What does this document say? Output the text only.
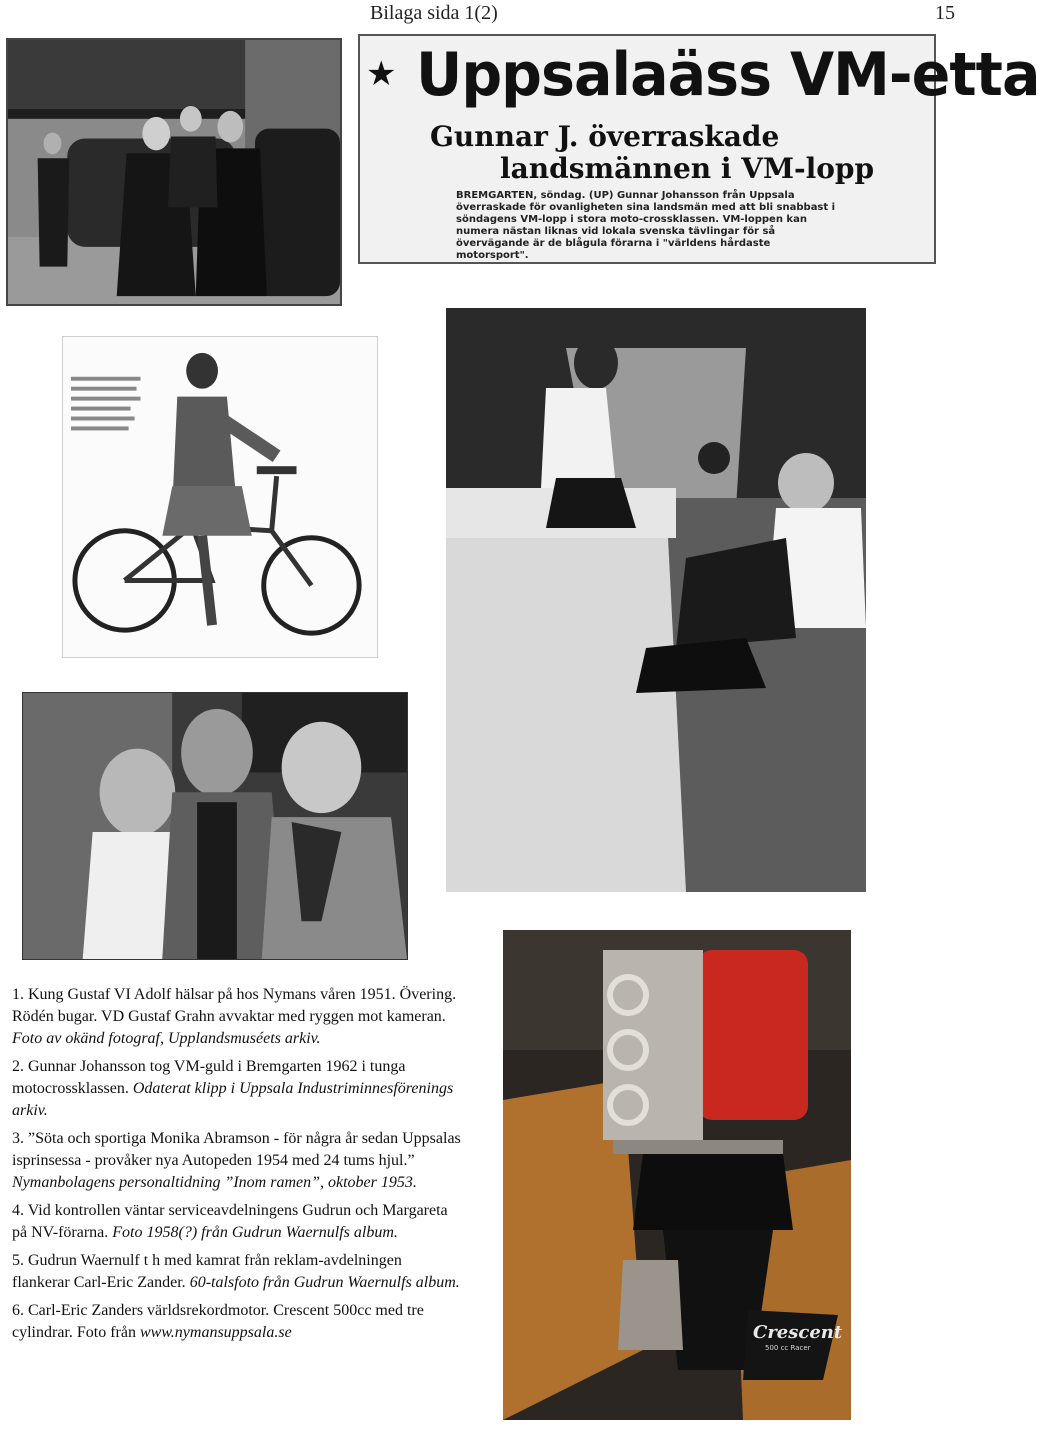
Bilaga sida 1(2)	15
★ Uppsalaäss VM-etta
Gunnar J. överraskade
landsmännen i VM-lopp
BREMGARTEN, söndag. (UP) Gunnar Johansson från Uppsala överraskade för ovanligheten sina landsmän med att bli snabbast i söndagens VM-lopp i stora moto-crossklassen. VM-loppen kan numera nästan liknas vid lokala svenska tävlingar för så övervägande är de blågula förarna i "världens hårdaste motorsport".
Crescent
500 cc Racer

1. Kung Gustaf VI Adolf hälsar på hos Nymans våren 1951. Övering. Rödén bugar. VD Gustaf Grahn avvaktar med ryggen mot kameran. Foto av okänd fotograf, Upplandsmuséets arkiv.

2. Gunnar Johansson tog VM-guld i Bremgarten 1962 i tunga motocrossklassen. Odaterat klipp i Uppsala Industriminnesförenings arkiv.

3. ”Söta och sportiga Monika Abramson - för några år sedan Uppsalas isprinsessa - provåker nya Autopeden 1954 med 24 tums hjul.” Nymanbolagens personaltidning ”Inom ramen”, oktober 1953.

4. Vid kontrollen väntar serviceavdelningens Gudrun och Margareta på NV-förarna. Foto 1958(?) från Gudrun Waernulfs album.

5. Gudrun Waernulf t h med kamrat från reklam-avdelningen flankerar Carl-Eric Zander. 60-talsfoto från Gudrun Waernulfs album.

6. Carl-Eric Zanders världsrekordmotor. Crescent 500cc med tre cylindrar. Foto från www.nymansuppsala.se
